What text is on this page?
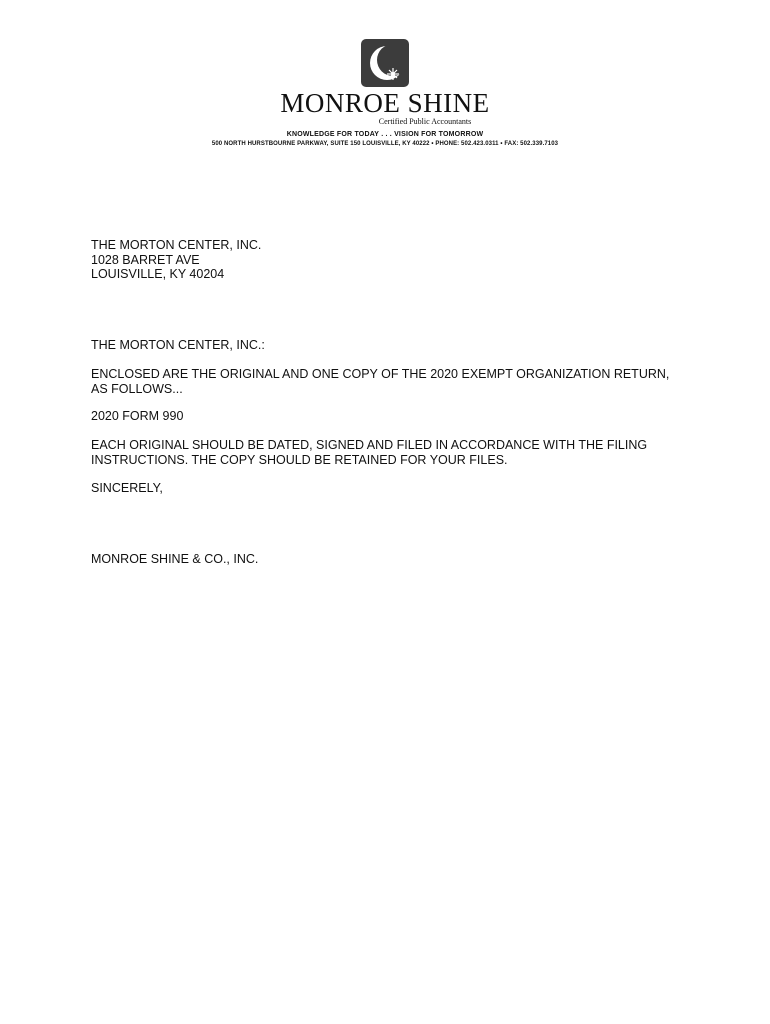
MONROE SHINE
Certified Public Accountants
KNOWLEDGE FOR TODAY . . . VISION FOR TOMORROW
500 NORTH HURSTBOURNE PARKWAY, SUITE 150 LOUISVILLE, KY 40222 • PHONE: 502.423.0311 • FAX: 502.339.7103
THE MORTON CENTER, INC.
1028 BARRET AVE
LOUISVILLE, KY 40204
THE MORTON CENTER, INC.:
ENCLOSED ARE THE ORIGINAL AND ONE COPY OF THE 2020 EXEMPT ORGANIZATION RETURN,
AS FOLLOWS...
2020 FORM 990
EACH ORIGINAL SHOULD BE DATED, SIGNED AND FILED IN ACCORDANCE WITH THE FILING
INSTRUCTIONS. THE COPY SHOULD BE RETAINED FOR YOUR FILES.
SINCERELY,
MONROE SHINE & CO., INC.
